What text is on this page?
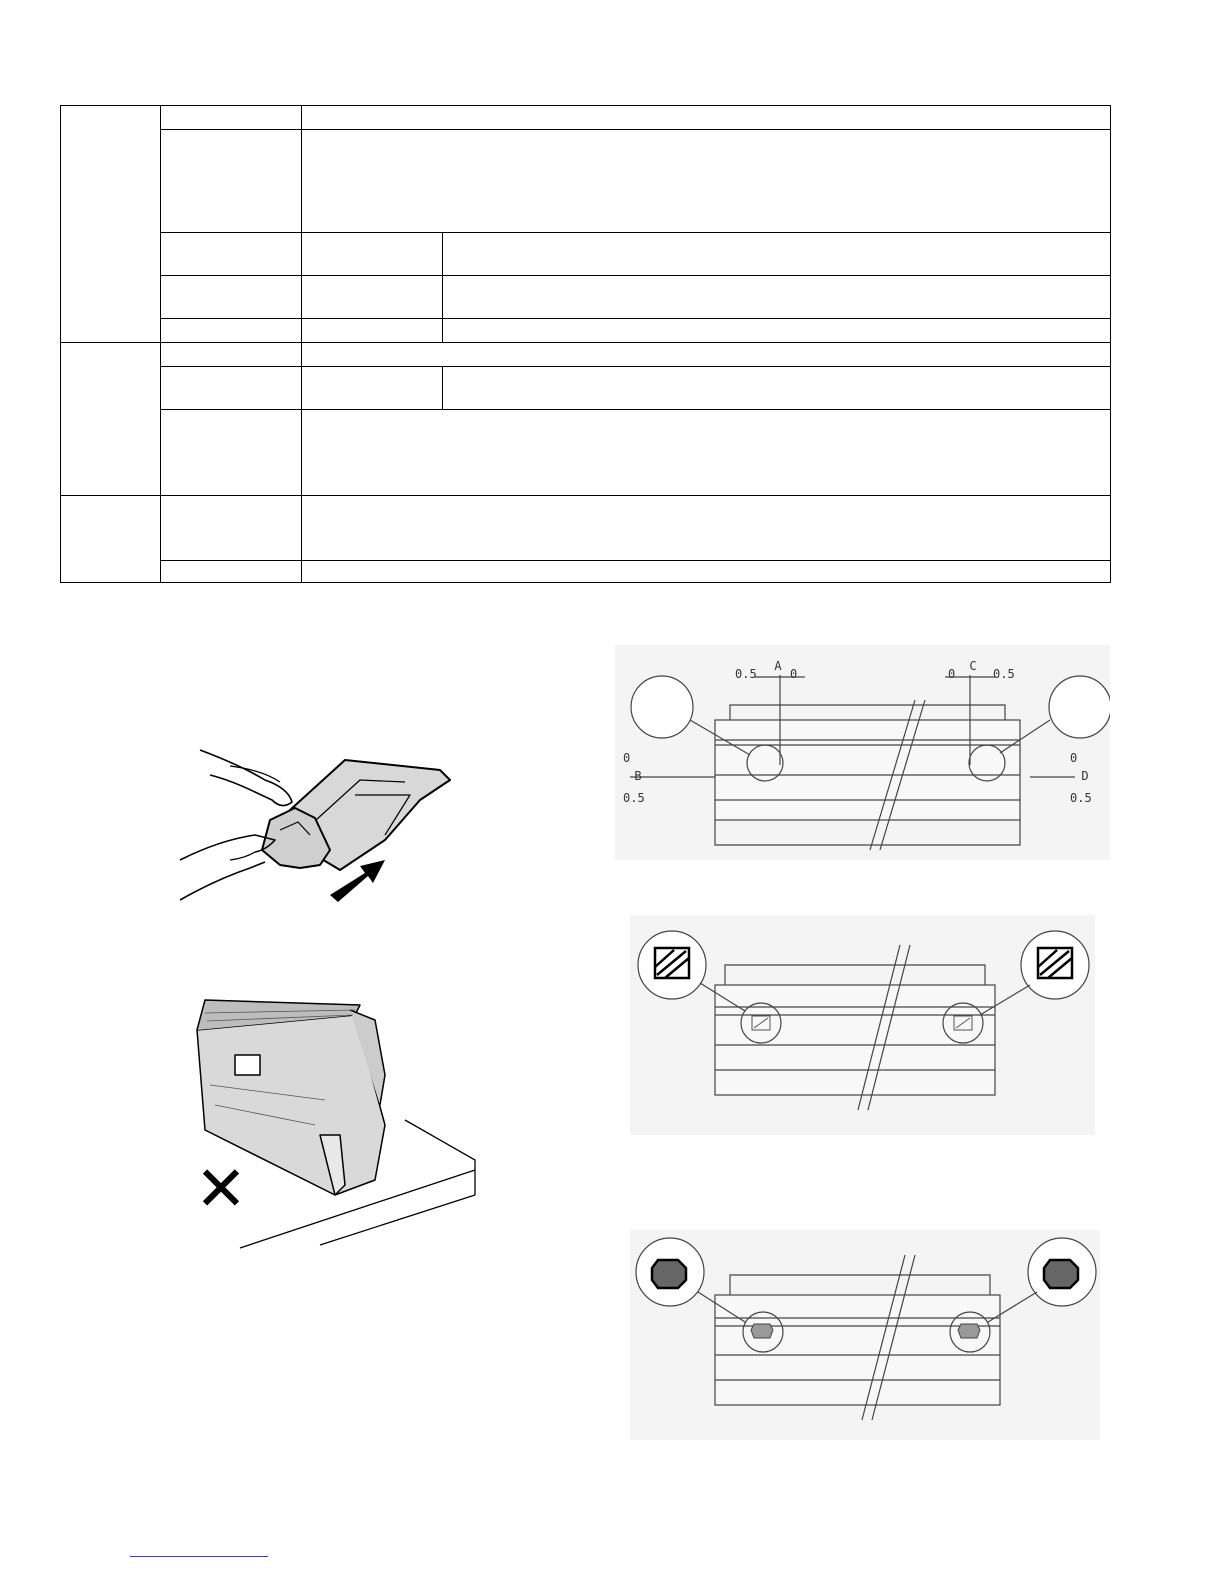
✕
A
0.5	0
C
0	0.5
B
0
0.5
D
0
0.5
